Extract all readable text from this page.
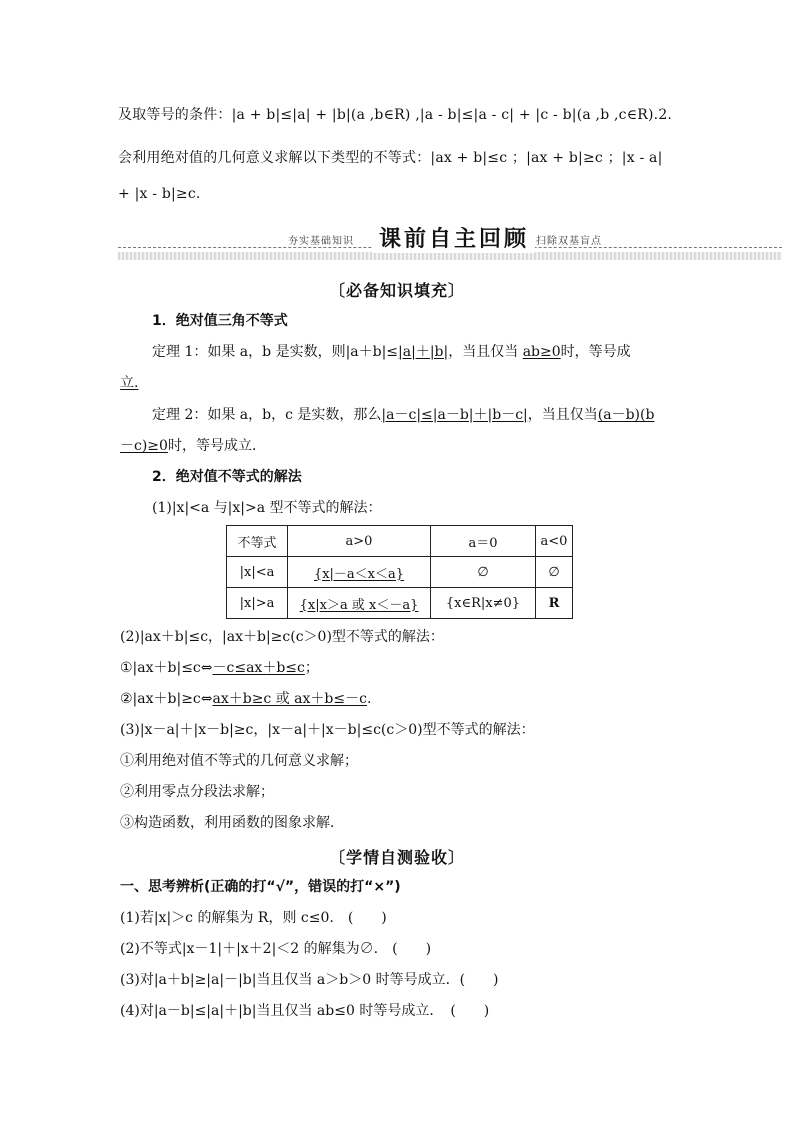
及取等号的条件：|a + b|≤|a| + |b|(a ,b∈R) ,|a - b|≤|a - c| + |c - b|(a ,b ,c∈R).2.
会利用绝对值的几何意义求解以下类型的不等式：|ax + b|≤c ；|ax + b|≥c ；|x - a|
+ |x - b|≥c.
夯实基础知识 课前自主回顾 扫除双基盲点
〔必备知识填充〕
1．绝对值三角不等式
定理 1：如果 a，b 是实数，则|a＋b|≤|a|＋|b|，当且仅当 ab≥0时，等号成
立.
定理 2：如果 a，b，c 是实数，那么|a－c|≤|a－b|＋|b－c|，当且仅当(a－b)(b
－c)≥0时，等号成立．
2．绝对值不等式的解法
(1)|x|<a 与|x|>a 型不等式的解法：
不等式	a>0	a＝0	a<0
|x|<a	{x|－a＜x＜a}	∅	∅
|x|>a	{x|x＞a 或 x＜－a}	{x∈R|x≠0}	R
(2)|ax＋b|≤c，|ax＋b|≥c(c＞0)型不等式的解法：
①|ax＋b|≤c⇔－c≤ax＋b≤c；
②|ax＋b|≥c⇔ax＋b≥c 或 ax＋b≤－c.
(3)|x－a|＋|x－b|≥c，|x－a|＋|x－b|≤c(c＞0)型不等式的解法：
①利用绝对值不等式的几何意义求解；
②利用零点分段法求解；
③构造函数，利用函数的图象求解．
〔学情自测验收〕
一、思考辨析(正确的打“√”，错误的打“×”)
(1)若|x|＞c 的解集为 R，则 c≤0.　(　　)
(2)不等式|x－1|＋|x＋2|＜2 的解集为∅.　(　　)
(3)对|a＋b|≥|a|－|b|当且仅当 a＞b＞0 时等号成立．(　　)
(4)对|a－b|≤|a|＋|b|当且仅当 ab≤0 时等号成立．　(　　)
